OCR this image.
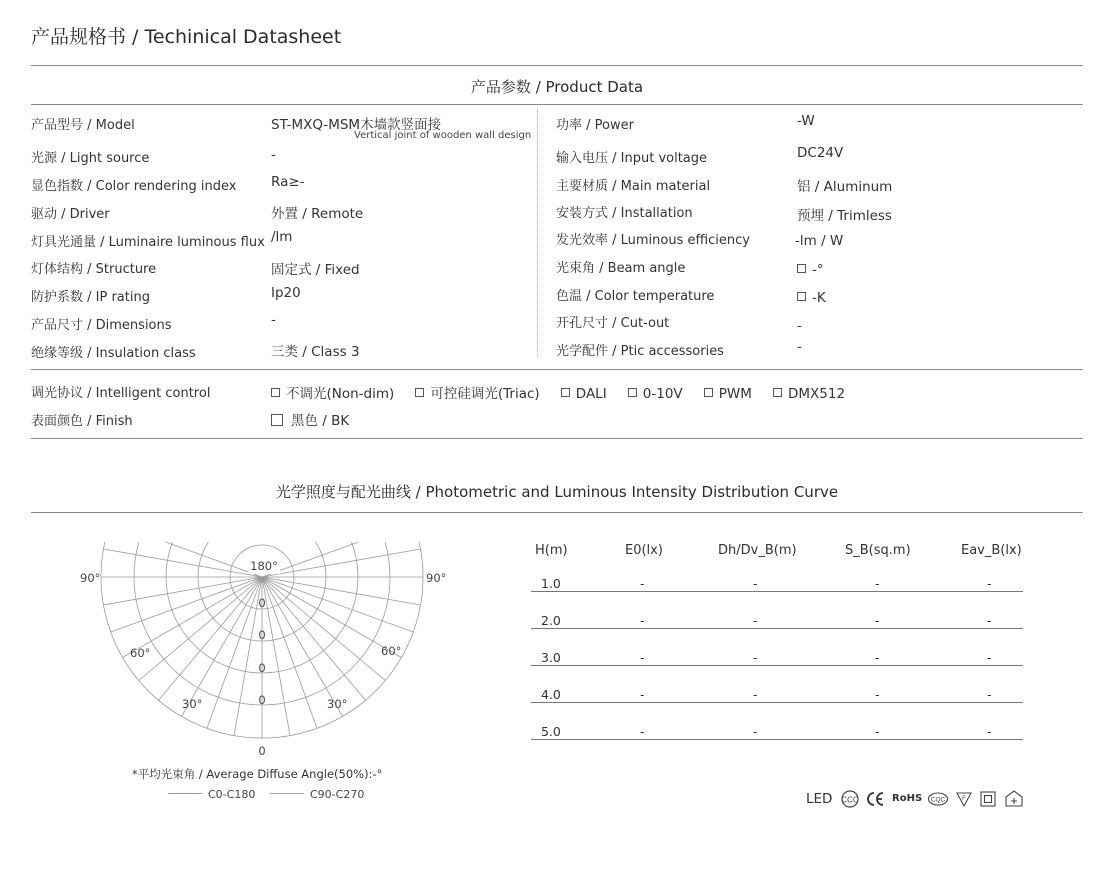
产品规格书 / Techinical Datasheet
产品参数 / Product Data
产品型号 / Model	ST-MXQ-MSM木墙款竖面接
Vertical joint of wooden wall design
光源 / Light source	-
显色指数 / Color rendering index	Ra≥-
驱动 / Driver	外置 / Remote
灯具光通量 / Luminaire luminous flux /lm
灯体结构 / Structure	固定式 / Fixed
防护系数 / IP rating	Ip20
产品尺寸 / Dimensions	-
绝缘等级 / Insulation class	三类 / Class 3
功率 / Power	-W
输入电压 / Input voltage	DC24V
主要材质 / Main material	铝 / Aluminum
安装方式 / Installation	预埋 / Trimless
发光效率 / Luminous efficiency	-lm / W
光束角 / Beam angle	-°
色温 / Color temperature	-K
开孔尺寸 / Cut-out	-
光学配件 / Ptic accessories	-
调光协议 / Intelligent control	不调光(Non-dim)	可控硅调光(Triac)	DALI	0-10V	PWM	DMX512
表面颜色 / Finish	黑色 / BK
光学照度与配光曲线 / Photometric and Luminous Intensity Distribution Curve
180°
90°	90°
60°	60°
30°	30°
0
0
0
0
0
*平均光束角 / Average Diffuse Angle(50%):-°
C0-C180	C90-C270
H(m)	E0(lx)	Dh/Dv_B(m)	S_B(sq.m)	Eav_B(lx)
1.0	-	-	-	-
2.0	-	-	-	-
3.0	-	-	-	-
4.0	-	-	-	-
5.0	-	-	-	-
LED CCC	RoHS CQC	F
